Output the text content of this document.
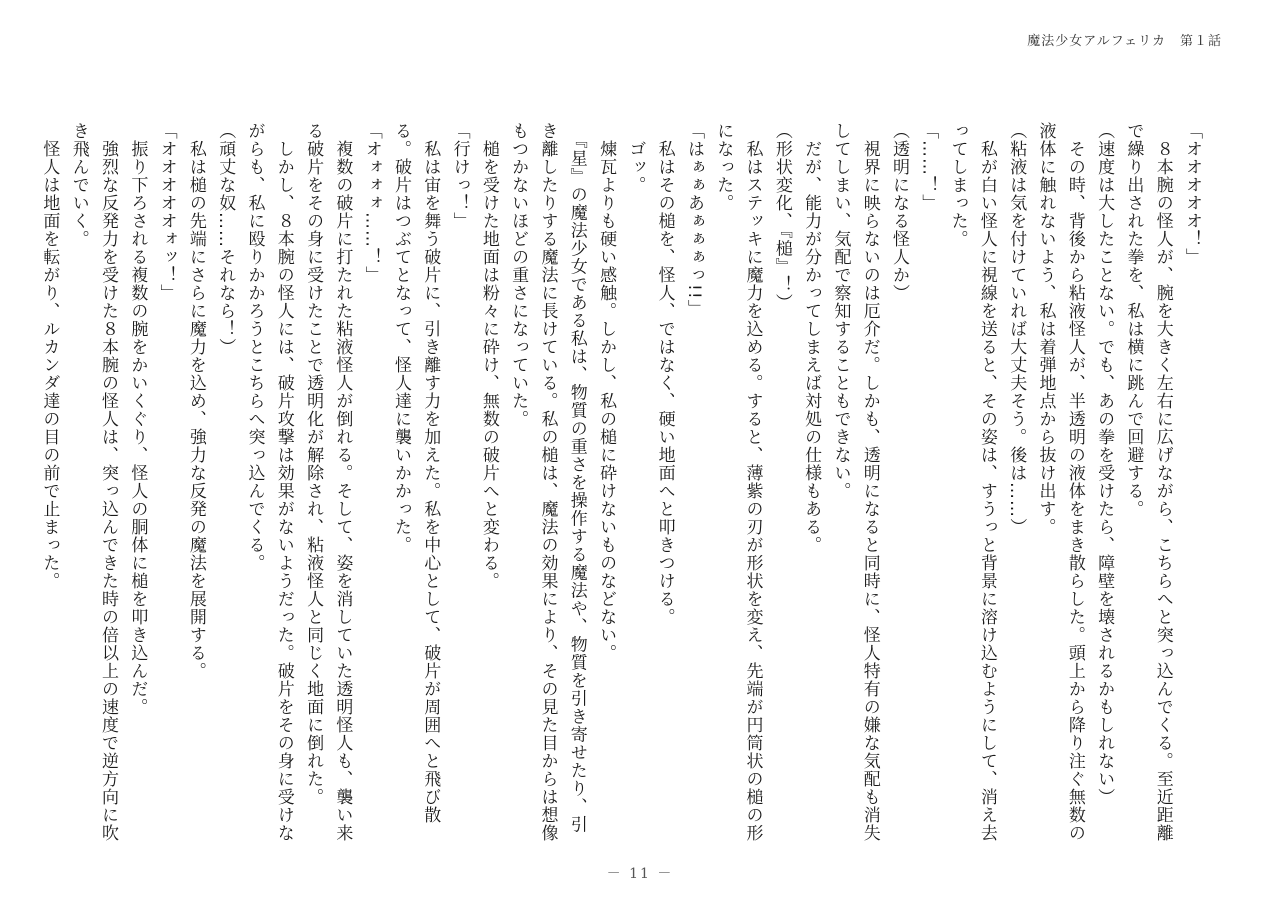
魔法少女アルフェリカ 第１話

「オオオオオ！」

　８本腕の怪人が、腕を大きく左右に広げながら、こちらへと突っ込んでくる。至近距離で繰り出された拳を、私は横に跳んで回避する。

（速度は大したことない。でも、あの拳を受けたら、障壁を壊されるかもしれない）

　その時、背後から粘液怪人が、半透明の液体をまき散らした。頭上から降り注ぐ無数の液体に触れないよう、私は着弾地点から抜け出す。

（粘液は気を付けていれば大丈夫そう。後は……）

　私が白い怪人に視線を送ると、その姿は、すうっと背景に溶け込むようにして、消え去ってしまった。

「……！」

（透明になる怪人か）

　視界に映らないのは厄介だ。しかも、透明になると同時に、怪人特有の嫌な気配も消失してしまい、気配で察知することもできない。

　だが、能力が分かってしまえば対処の仕様もある。

（形状変化、『槌』！）

　私はステッキに魔力を込める。すると、薄紫の刃が形状を変え、先端が円筒状の槌の形になった。

「はぁぁあぁぁぁっ!!」

　私はその槌を、怪人、ではなく、硬い地面へと叩きつける。

　ゴッ。

　煉瓦よりも硬い感触。しかし、私の槌に砕けないものなどない。

　『星』の魔法少女である私は、物質の重さを操作する魔法や、物質を引き寄せたり、引き離したりする魔法に長けている。私の槌は、魔法の効果により、その見た目からは想像もつかないほどの重さになっていた。

　槌を受けた地面は粉々に砕け、無数の破片へと変わる。

「行けっ！」

　私は宙を舞う破片に、引き離す力を加えた。私を中心として、破片が周囲へと飛び散る。破片はつぶてとなって、怪人達に襲いかかった。

「オォォォ……！」

　複数の破片に打たれた粘液怪人が倒れる。そして、姿を消していた透明怪人も、襲い来る破片をその身に受けたことで透明化が解除され、粘液怪人と同じく地面に倒れた。

　しかし、８本腕の怪人には、破片攻撃は効果がないようだった。破片をその身に受けながらも、私に殴りかかろうとこちらへ突っ込んでくる。

（頑丈な奴……それなら！）

　私は槌の先端にさらに魔力を込め、強力な反発の魔法を展開する。

「オオオオオォッ！」

　振り下ろされる複数の腕をかいくぐり、怪人の胴体に槌を叩き込んだ。

　強烈な反発力を受けた８本腕の怪人は、突っ込んできた時の倍以上の速度で逆方向に吹き飛んでいく。

　怪人は地面を転がり、ルカンダ達の目の前で止まった。

－ 11 －
